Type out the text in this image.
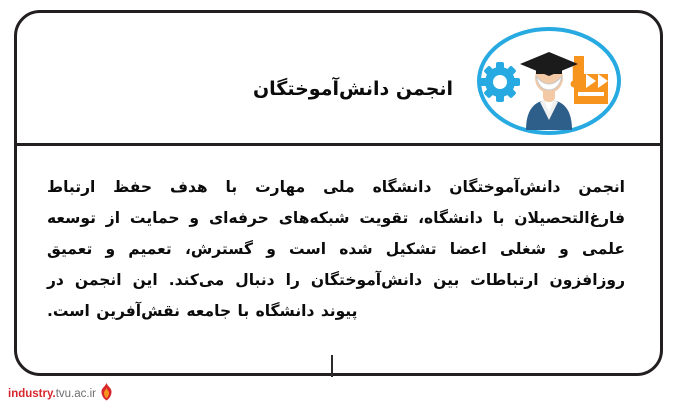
انجمن دانش‌آموختگان
انجمن دانش‌آموختگان دانشگاه ملی مهارت با هدف حفظ ارتباط فارغ‌التحصیلان با دانشگاه، تقویت شبکه‌های حرفه‌ای و حمایت از توسعه علمی و شغلی اعضا تشکیل شده است و گسترش، تعمیم و تعمیق روزافزون ارتباطات بین دانش‌آموختگان را دنبال می‌کند. این انجمن در پیوند دانشگاه با جامعه نقش‌آفرین است.
industry.tvu.ac.ir
